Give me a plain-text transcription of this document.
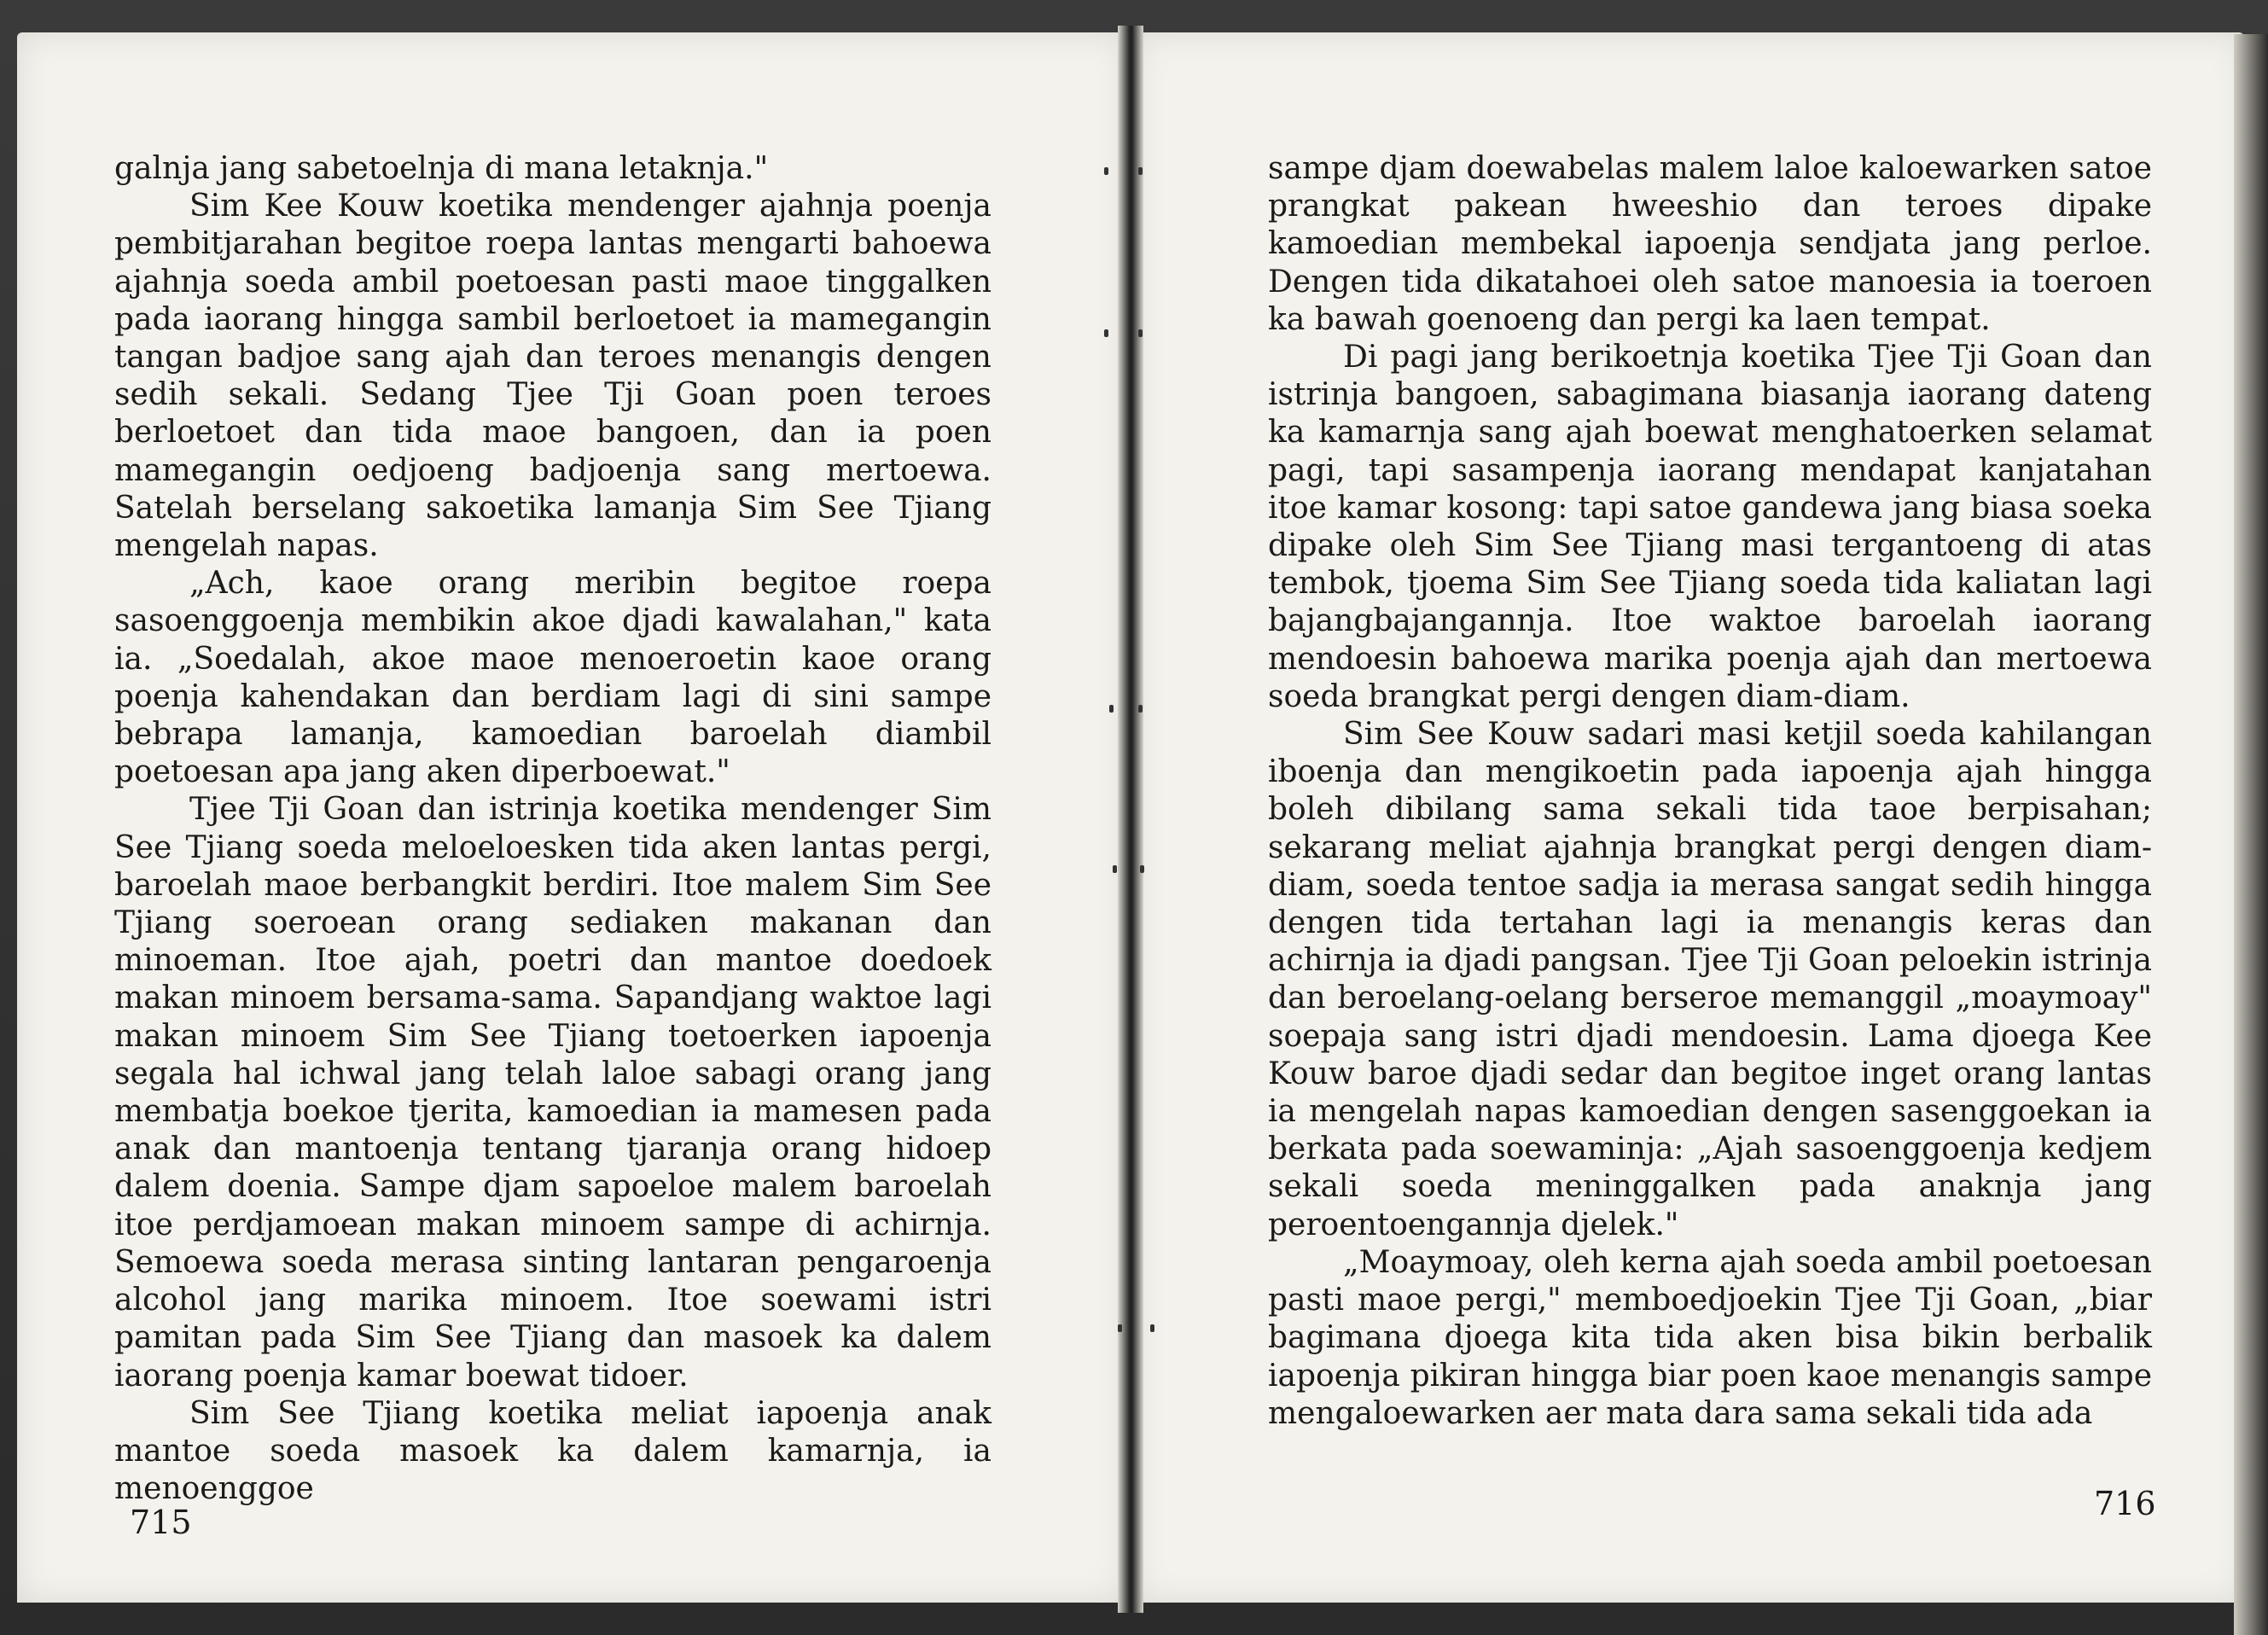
galnja jang sabetoelnja di mana letaknja."

Sim Kee Kouw koetika mendenger ajahnja poenja pembitjarahan begitoe roepa lantas mengarti bahoewa ajahnja soeda ambil poetoesan pasti maoe tinggalken pada iaorang hingga sambil berloetoet ia mamegangin tangan badjoe sang ajah dan teroes menangis dengen sedih sekali. Sedang Tjee Tji Goan poen teroes berloetoet dan tida maoe bangoen, dan ia poen mamegangin oedjoeng badjoenja sang mertoewa. Satelah berselang sakoetika lamanja Sim See Tjiang mengelah napas.

„Ach, kaoe orang meribin begitoe roepa sasoenggoenja membikin akoe djadi kawalahan," kata ia. „Soedalah, akoe maoe menoeroetin kaoe orang poenja kahendakan dan berdiam lagi di sini sampe bebrapa lamanja, kamoedian baroelah diambil poetoesan apa jang aken diperboewat."

Tjee Tji Goan dan istrinja koetika mendenger Sim See Tjiang soeda meloeloesken tida aken lantas pergi, baroelah maoe berbangkit berdiri. Itoe malem Sim See Tjiang soeroean orang sediaken makanan dan minoeman. Itoe ajah, poetri dan mantoe doedoek makan minoem bersama-sama. Sapandjang waktoe lagi makan minoem Sim See Tjiang toetoerken iapoenja segala hal ichwal jang telah laloe sabagi orang jang membatja boekoe tjerita, kamoedian ia mamesen pada anak dan mantoenja tentang tjaranja orang hidoep dalem doenia. Sampe djam sapoeloe malem baroelah itoe perdjamoean makan minoem sampe di achirnja. Semoewa soeda merasa sinting lantaran pengaroenja alcohol jang marika minoem. Itoe soewami istri pamitan pada Sim See Tjiang dan masoek ka dalem iaorang poenja kamar boewat tidoer.

Sim See Tjiang koetika meliat iapoenja anak mantoe soeda masoek ka dalem kamarnja, ia menoenggoe

715

sampe djam doewabelas malem laloe kaloewarken satoe prangkat pakean hweeshio dan teroes dipake kamoedian membekal iapoenja sendjata jang perloe. Dengen tida dikatahoei oleh satoe manoesia ia toeroen ka bawah goenoeng dan pergi ka laen tempat.

Di pagi jang berikoetnja koetika Tjee Tji Goan dan istrinja bangoen, sabagimana biasanja iaorang dateng ka kamarnja sang ajah boewat menghatoerken selamat pagi, tapi sasampenja iaorang mendapat kanjatahan itoe kamar kosong: tapi satoe gandewa jang biasa soeka dipake oleh Sim See Tjiang masi tergantoeng di atas tembok, tjoema Sim See Tjiang soeda tida kaliatan lagi bajangbajangannja. Itoe waktoe baroelah iaorang mendoesin bahoewa marika poenja ajah dan mertoewa soeda brangkat pergi dengen diam-diam.

Sim See Kouw sadari masi ketjil soeda kahilangan iboenja dan mengikoetin pada iapoenja ajah hingga boleh dibilang sama sekali tida taoe berpisahan; sekarang meliat ajahnja brangkat pergi dengen diam-diam, soeda tentoe sadja ia merasa sangat sedih hingga dengen tida tertahan lagi ia menangis keras dan achirnja ia djadi pangsan. Tjee Tji Goan peloekin istrinja dan beroelang-oelang berseroe memanggil „moaymoay" soepaja sang istri djadi mendoesin. Lama djoega Kee Kouw baroe djadi sedar dan begitoe inget orang lantas ia mengelah napas kamoedian dengen sasenggoekan ia berkata pada soewaminja: „Ajah sasoenggoenja kedjem sekali soeda meninggalken pada anaknja jang peroentoengannja djelek."

„Moaymoay, oleh kerna ajah soeda ambil poetoesan pasti maoe pergi," memboedjoekin Tjee Tji Goan, „biar bagimana djoega kita tida aken bisa bikin berbalik iapoenja pikiran hingga biar poen kaoe menangis sampe mengaloewarken aer mata dara sama sekali tida ada

716
